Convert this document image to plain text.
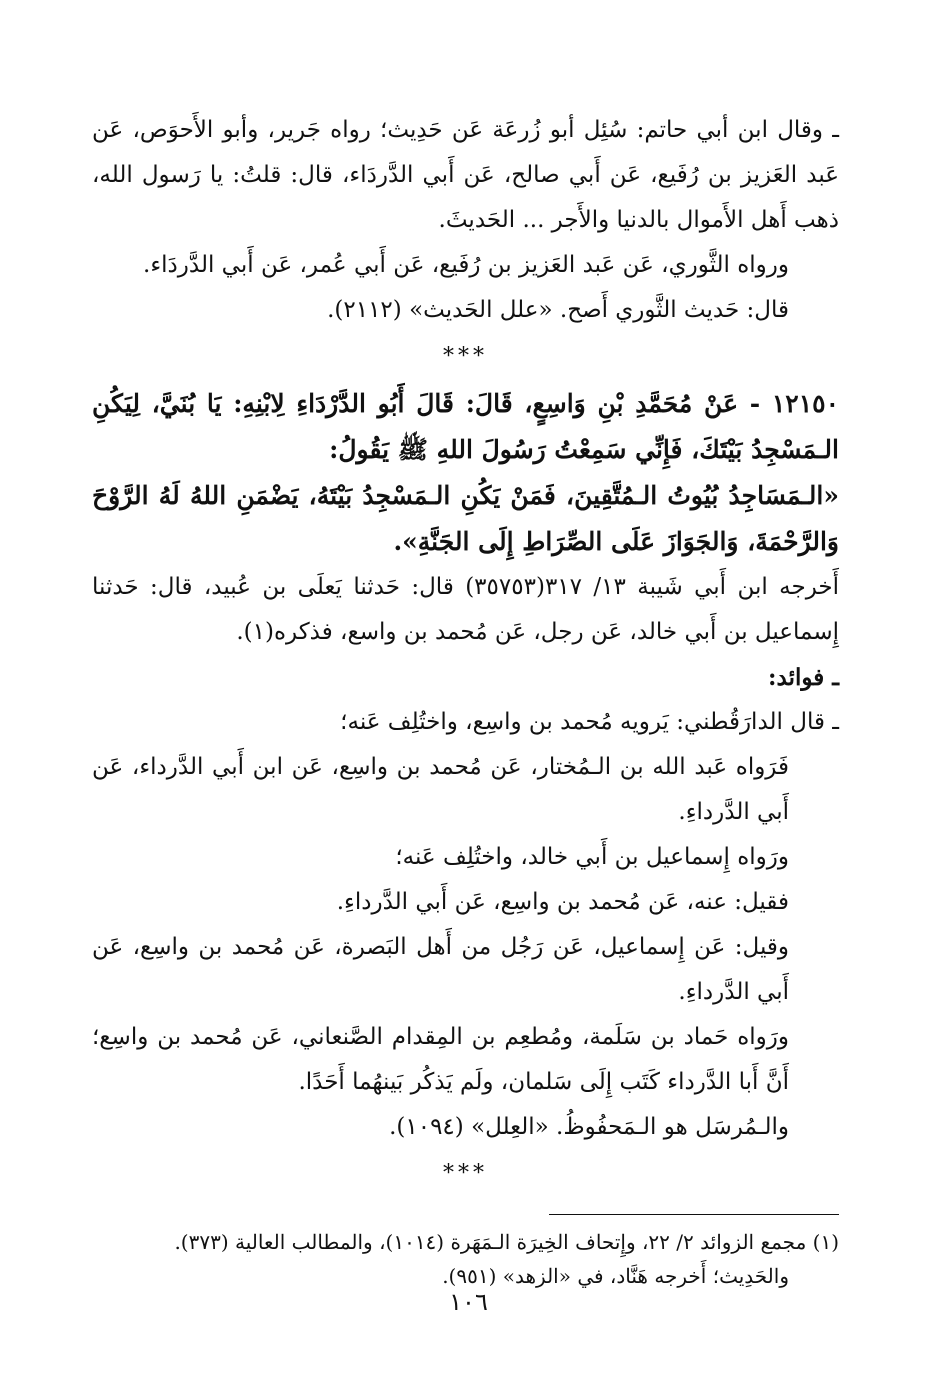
ـ وقال ابن أبي حاتم: سُئِل أبو زُرعَة عَن حَدِيث؛ رواه جَرير، وأبو الأَحوَص، عَن عَبد العَزيز بن رُفَيع، عَن أَبي صالح، عَن أَبي الدَّردَاء، قال: قلتُ: يا رَسول الله، ذهب أَهل الأَموال بالدنيا والأَجر ... الحَديثَ.

ورواه الثَّوري، عَن عَبد العَزيز بن رُفَيع، عَن أَبي عُمر، عَن أَبي الدَّردَاء.

قال: حَديث الثَّوري أَصح. «علل الحَديث» (٢١١٢).

***

١٢١٥٠ - عَنْ مُحَمَّدِ بْنِ وَاسِعٍ، قَالَ: قَالَ أَبُو الدَّرْدَاءِ لِابْنِهِ: يَا بُنَيَّ، لِيَكُنِ الـمَسْجِدُ بَيْتَكَ، فَإِنِّي سَمِعْتُ رَسُولَ اللهِ ﷺ يَقُولُ:

«الـمَسَاجِدُ بُيُوتُ الـمُتَّقِينَ، فَمَنْ يَكُنِ الـمَسْجِدُ بَيْتَهُ، يَضْمَنِ اللهُ لَهُ الرَّوْحَ وَالرَّحْمَةَ، وَالجَوَازَ عَلَى الصِّرَاطِ إِلَى الجَنَّةِ».

أَخرجه ابن أَبي شَيبة ١٣/ ٣١٧(٣٥٧٥٣) قال: حَدثنا يَعلَى بن عُبيد، قال: حَدثنا إِسماعيل بن أَبي خالد، عَن رجل، عَن مُحمد بن واسع، فذكره(١).

ـ فوائد:

ـ قال الدارَقُطني: يَرويه مُحمد بن واسِع، واختُلِف عَنه؛

فَرَواه عَبد الله بن الـمُختار، عَن مُحمد بن واسِع، عَن ابن أَبي الدَّرداء، عَن أَبي الدَّرداءِ.

ورَواه إِسماعيل بن أَبي خالد، واختُلِف عَنه؛

فقيل: عنه، عَن مُحمد بن واسِع، عَن أَبي الدَّرداءِ.

وقيل: عَن إِسماعيل، عَن رَجُل من أَهل البَصرة، عَن مُحمد بن واسِع، عَن أَبي الدَّرداءِ.

ورَواه حَماد بن سَلَمة، ومُطعِم بن المِقدام الصَّنعاني، عَن مُحمد بن واسِع؛ أَنَّ أَبا الدَّرداء كَتَب إِلَى سَلمان، ولَم يَذكُر بَينهُما أَحَدًا.

والـمُرسَل هو الـمَحفُوظُ. «العِلل» (١٠٩٤).

***

(١) مجمع الزوائد ٢/ ٢٢، وإِتحاف الخِيرَة الـمَهَرة (١٠١٤)، والمطالب العالية (٣٧٣).

والحَدِيث؛ أَخرجه هَنَّاد، في «الزهد» (٩٥١).

١٠٦
